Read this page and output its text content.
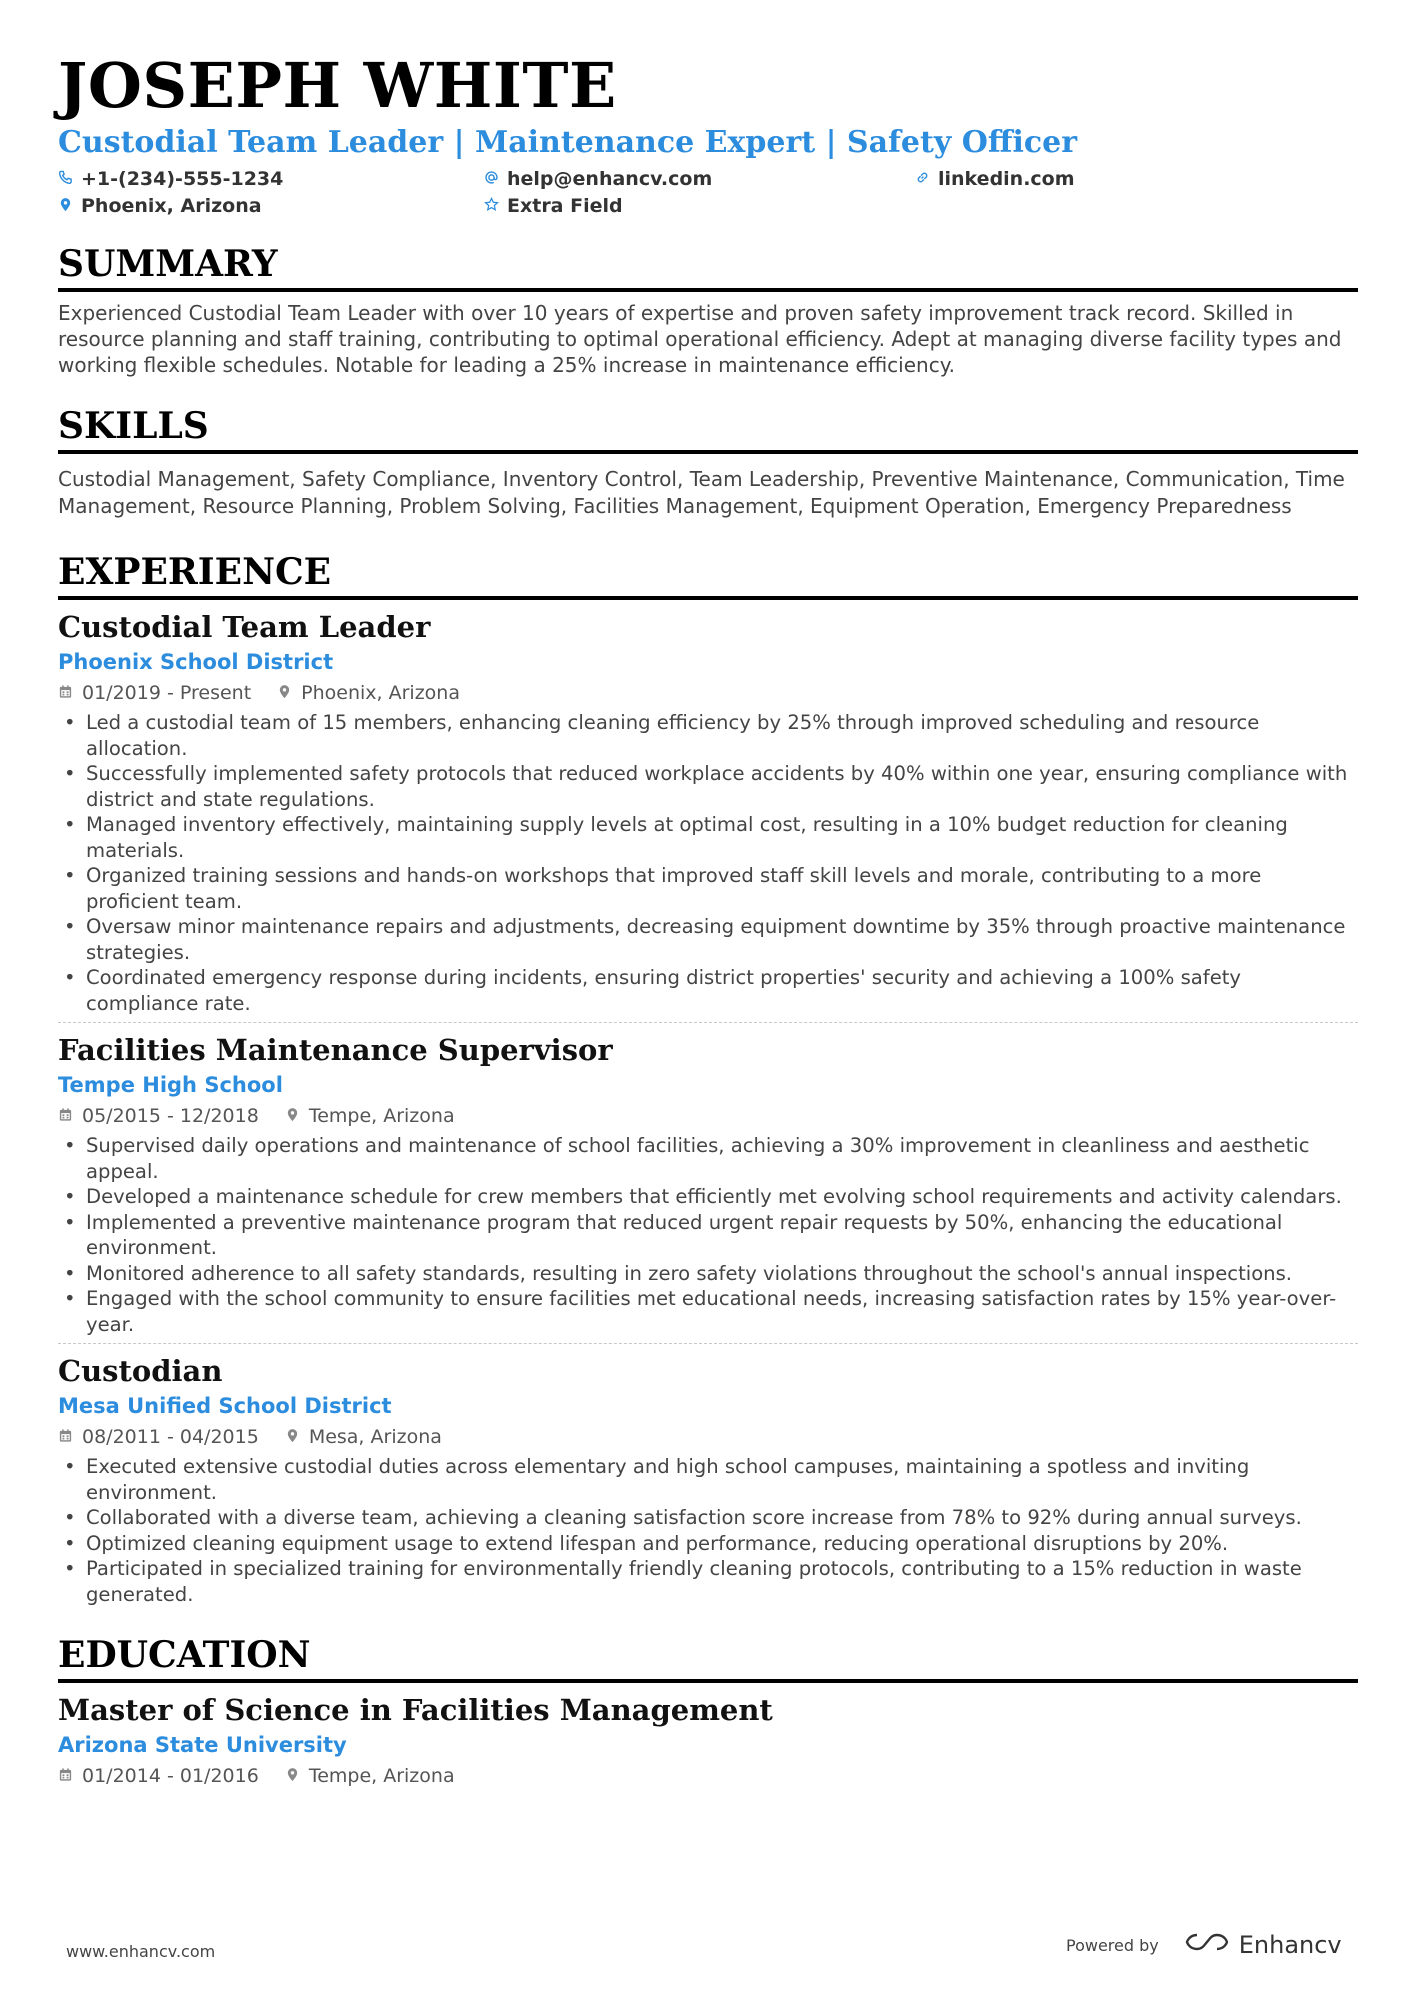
JOSEPH WHITE
Custodial Team Leader | Maintenance Expert | Safety Officer
+1-(234)-555-1234	help@enhancv.com	linkedin.com
Phoenix, Arizona	Extra Field
SUMMARY

Experienced Custodial Team Leader with over 10 years of expertise and proven safety improvement track record. Skilled in resource planning and staff training, contributing to optimal operational efficiency. Adept at managing diverse facility types and working flexible schedules. Notable for leading a 25% increase in maintenance efficiency.

SKILLS

Custodial Management, Safety Compliance, Inventory Control, Team Leadership, Preventive Maintenance, Communication, Time Management, Resource Planning, Problem Solving, Facilities Management, Equipment Operation, Emergency Preparedness

EXPERIENCE
Custodial Team Leader
Phoenix School District
01/2019 - Present	Phoenix, Arizona
• Led a custodial team of 15 members, enhancing cleaning efficiency by 25% through improved scheduling and resource allocation.
• Successfully implemented safety protocols that reduced workplace accidents by 40% within one year, ensuring compliance with district and state regulations.
• Managed inventory effectively, maintaining supply levels at optimal cost, resulting in a 10% budget reduction for cleaning materials.
• Organized training sessions and hands-on workshops that improved staff skill levels and morale, contributing to a more proficient team.
• Oversaw minor maintenance repairs and adjustments, decreasing equipment downtime by 35% through proactive maintenance strategies.
• Coordinated emergency response during incidents, ensuring district properties' security and achieving a 100% safety compliance rate.
Facilities Maintenance Supervisor
Tempe High School
05/2015 - 12/2018	Tempe, Arizona
• Supervised daily operations and maintenance of school facilities, achieving a 30% improvement in cleanliness and aesthetic appeal.
• Developed a maintenance schedule for crew members that efficiently met evolving school requirements and activity calendars.
• Implemented a preventive maintenance program that reduced urgent repair requests by 50%, enhancing the educational environment.
• Monitored adherence to all safety standards, resulting in zero safety violations throughout the school's annual inspections.
• Engaged with the school community to ensure facilities met educational needs, increasing satisfaction rates by 15% year-over-year.
Custodian
Mesa Unified School District
08/2011 - 04/2015	Mesa, Arizona
• Executed extensive custodial duties across elementary and high school campuses, maintaining a spotless and inviting environment.
• Collaborated with a diverse team, achieving a cleaning satisfaction score increase from 78% to 92% during annual surveys.
• Optimized cleaning equipment usage to extend lifespan and performance, reducing operational disruptions by 20%.
• Participated in specialized training for environmentally friendly cleaning protocols, contributing to a 15% reduction in waste generated.
EDUCATION
Master of Science in Facilities Management
Arizona State University
01/2014 - 01/2016	Tempe, Arizona
www.enhancv.com	Powered by	Enhancv
